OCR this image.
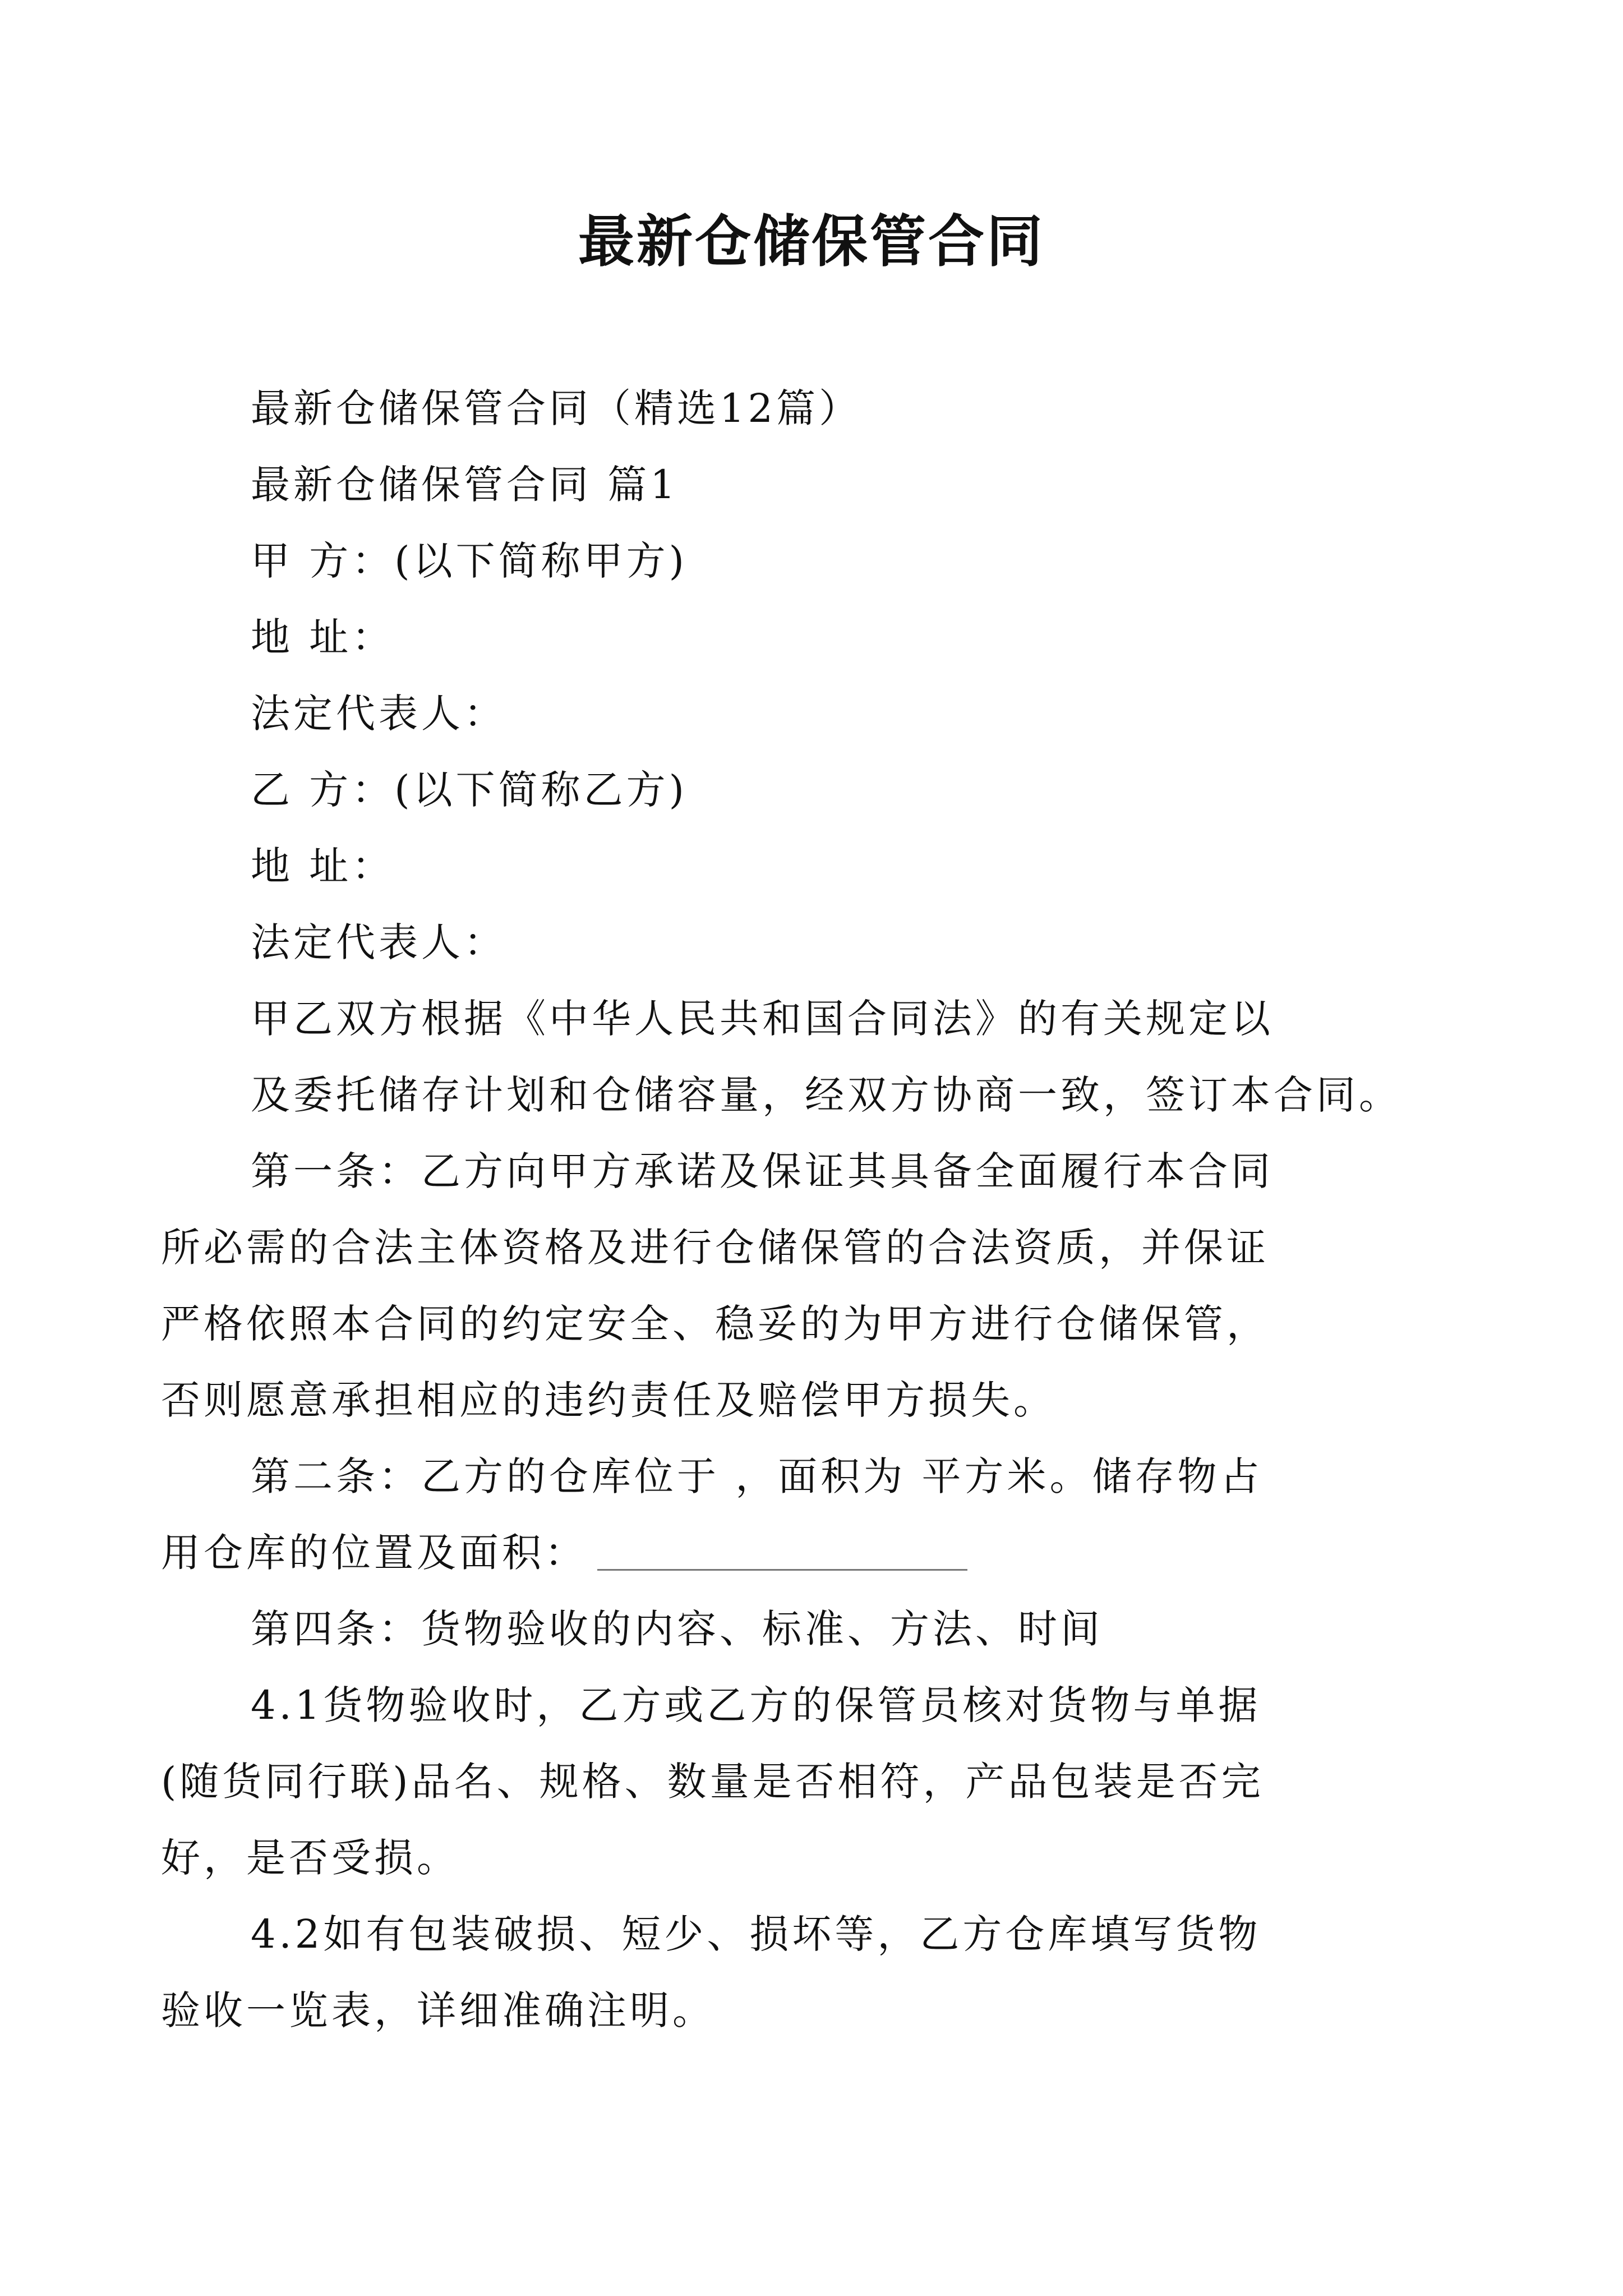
最新仓储保管合同
最新仓储保管合同（精选12篇）
最新仓储保管合同 篇1
甲 方：(以下简称甲方)
地 址：
法定代表人：
乙 方：(以下简称乙方)
地 址：
法定代表人：
甲乙双方根据《中华人民共和国合同法》的有关规定以
及委托储存计划和仓储容量，经双方协商一致，签订本合同。
第一条：乙方向甲方承诺及保证其具备全面履行本合同
所必需的合法主体资格及进行仓储保管的合法资质，并保证
严格依照本合同的约定安全、稳妥的为甲方进行仓储保管，
否则愿意承担相应的违约责任及赔偿甲方损失。
第二条：乙方的仓库位于 ，面积为 平方米。储存物占
用仓库的位置及面积：
第四条：货物验收的内容、标准、方法、时间
4.1货物验收时，乙方或乙方的保管员核对货物与单据
(随货同行联)品名、规格、数量是否相符，产品包装是否完
好，是否受损。
4.2如有包装破损、短少、损坏等，乙方仓库填写货物
验收一览表，详细准确注明。
